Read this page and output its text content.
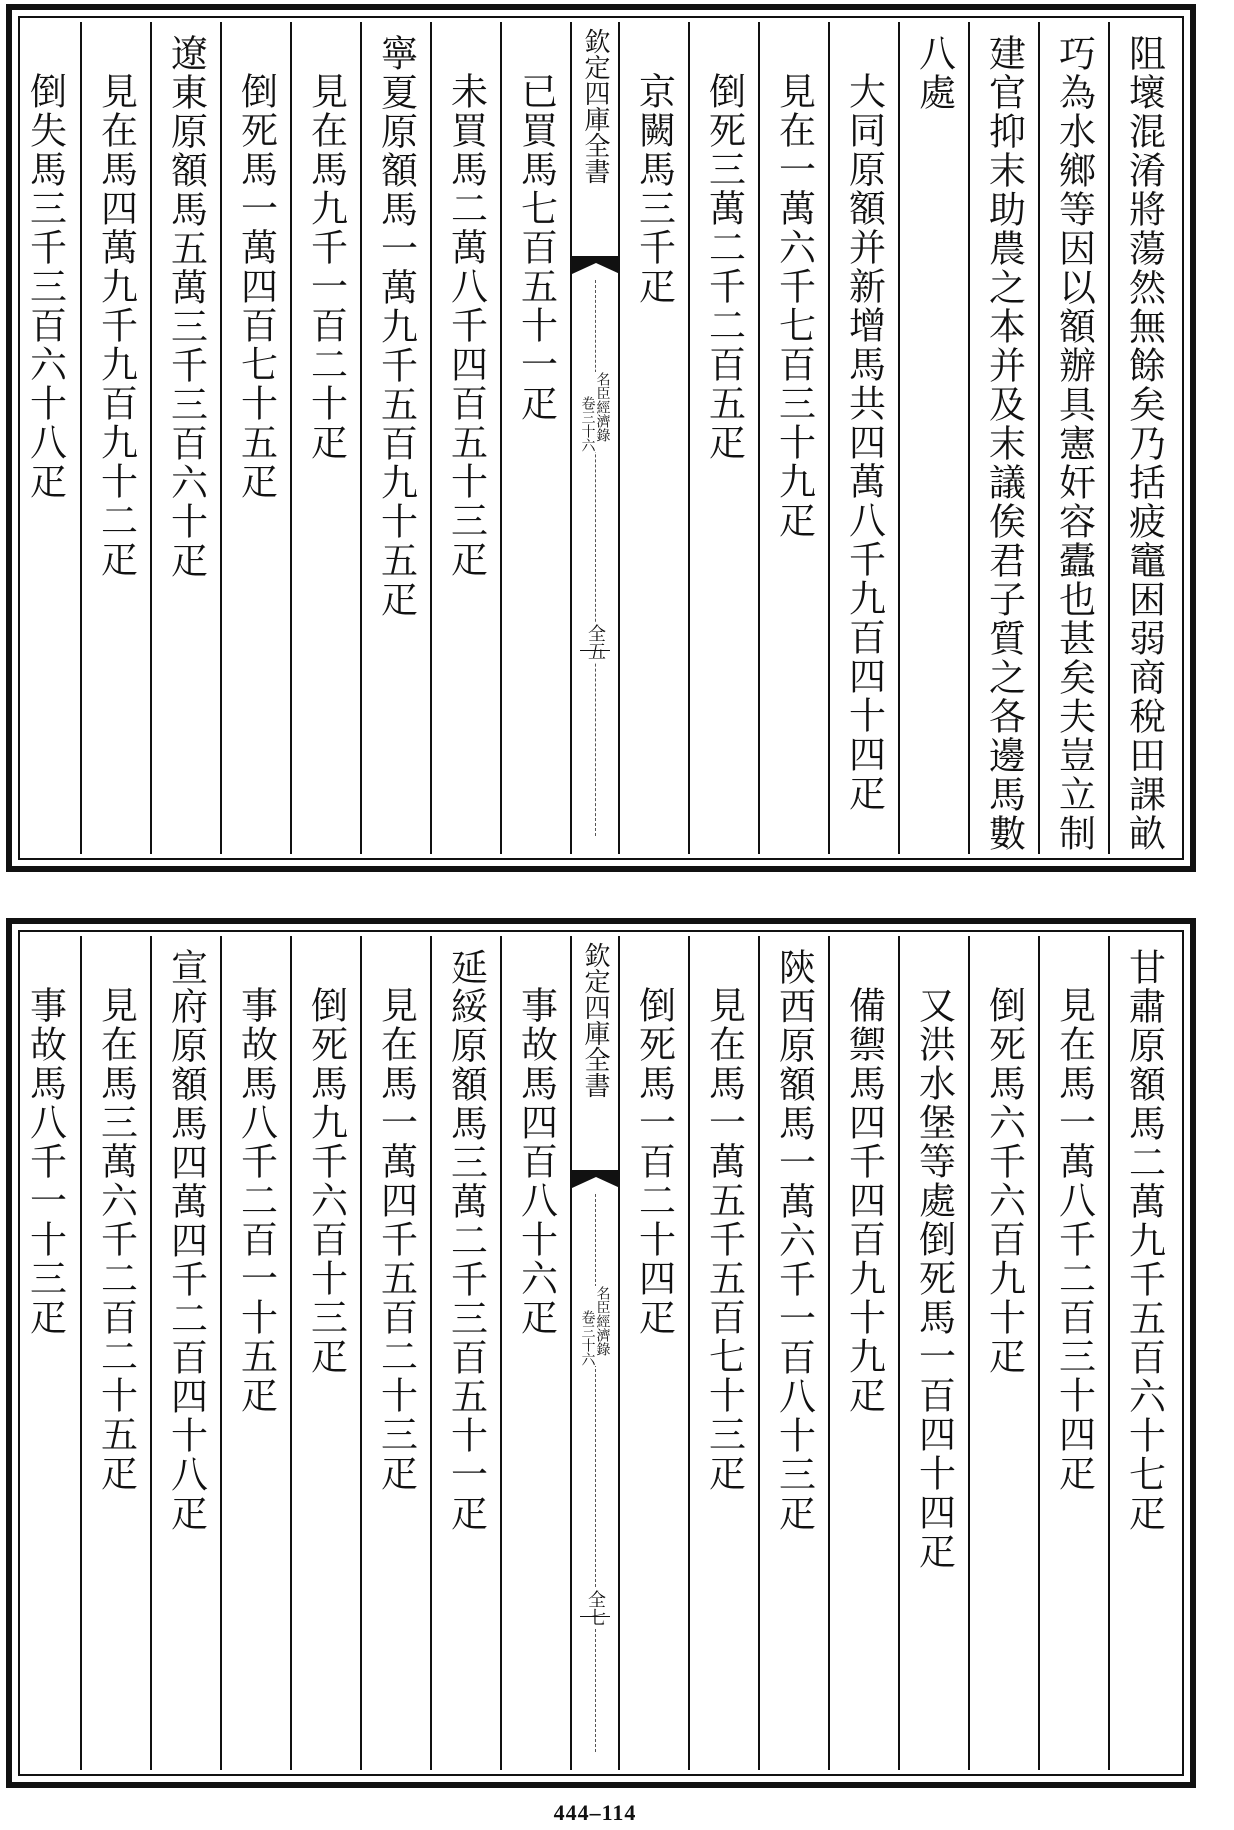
阻壞混淆將蕩然無餘矣乃括疲竈困弱商稅田課畝
巧為水鄉等因以額辦具憲奸容蠹也甚矣夫豈立制
建官抑末助農之本并及末議俟君子質之各邊馬數
八處
大同原額并新增馬共四萬八千九百四十四疋
見在一萬六千七百三十九疋
倒死三萬二千二百五疋
京闕馬三千疋
欽定四庫全書
名臣經濟錄
卷三十六
全五
已買馬七百五十一疋
未買馬二萬八千四百五十三疋
寧夏原額馬一萬九千五百九十五疋
見在馬九千一百二十疋
倒死馬一萬四百七十五疋
遼東原額馬五萬三千三百六十疋
見在馬四萬九千九百九十二疋
倒失馬三千三百六十八疋
甘肅原額馬二萬九千五百六十七疋
見在馬一萬八千二百三十四疋
倒死馬六千六百九十疋
又洪水堡等處倒死馬一百四十四疋
備禦馬四千四百九十九疋
陝西原額馬一萬六千一百八十三疋
見在馬一萬五千五百七十三疋
倒死馬一百二十四疋
欽定四庫全書
名臣經濟錄
卷三十六
全七
事故馬四百八十六疋
延綏原額馬三萬二千三百五十一疋
見在馬一萬四千五百二十三疋
倒死馬九千六百十三疋
事故馬八千二百一十五疋
宣府原額馬四萬四千二百四十八疋
見在馬三萬六千二百二十五疋
事故馬八千一十三疋
444–114
